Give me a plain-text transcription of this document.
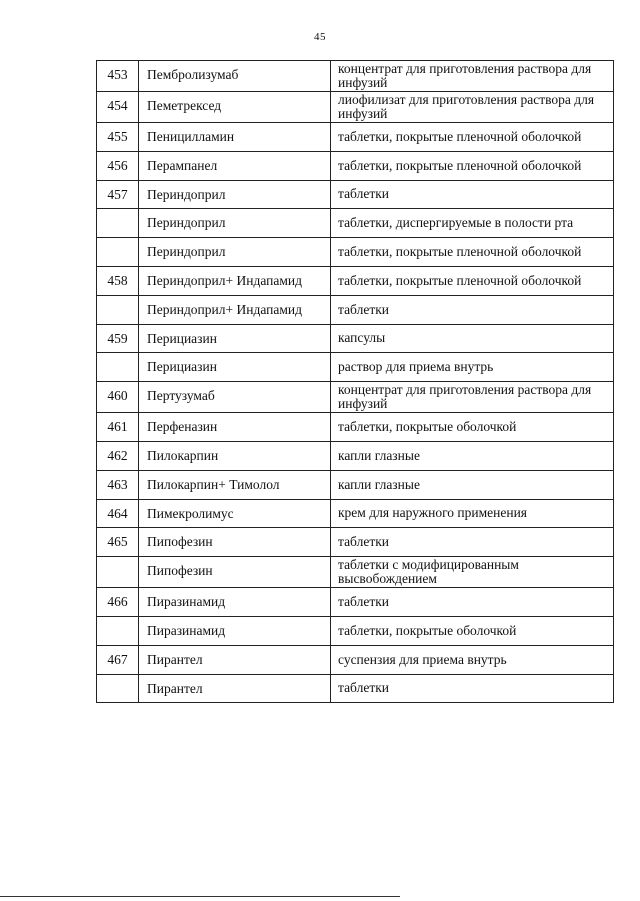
45
453	Пембролизумаб	концентрат для приготовления раствора для инфузий
454	Пеметрексед	лиофилизат для приготовления раствора для инфузий
455	Пеницилламин	таблетки, покрытые пленочной оболочкой
456	Перампанел	таблетки, покрытые пленочной оболочкой
457	Периндоприл	таблетки
	Периндоприл	таблетки, диспергируемые в полости рта
	Периндоприл	таблетки, покрытые пленочной оболочкой
458	Периндоприл+ Индапамид	таблетки, покрытые пленочной оболочкой
	Периндоприл+ Индапамид	таблетки
459	Перициазин	капсулы
	Перициазин	раствор для приема внутрь
460	Пертузумаб	концентрат для приготовления раствора для инфузий
461	Перфеназин	таблетки, покрытые оболочкой
462	Пилокарпин	капли глазные
463	Пилокарпин+ Тимолол	капли глазные
464	Пимекролимус	крем для наружного применения
465	Пипофезин	таблетки
	Пипофезин	таблетки с модифицированным высвобождением
466	Пиразинамид	таблетки
	Пиразинамид	таблетки, покрытые оболочкой
467	Пирантел	суспензия для приема внутрь
	Пирантел	таблетки
